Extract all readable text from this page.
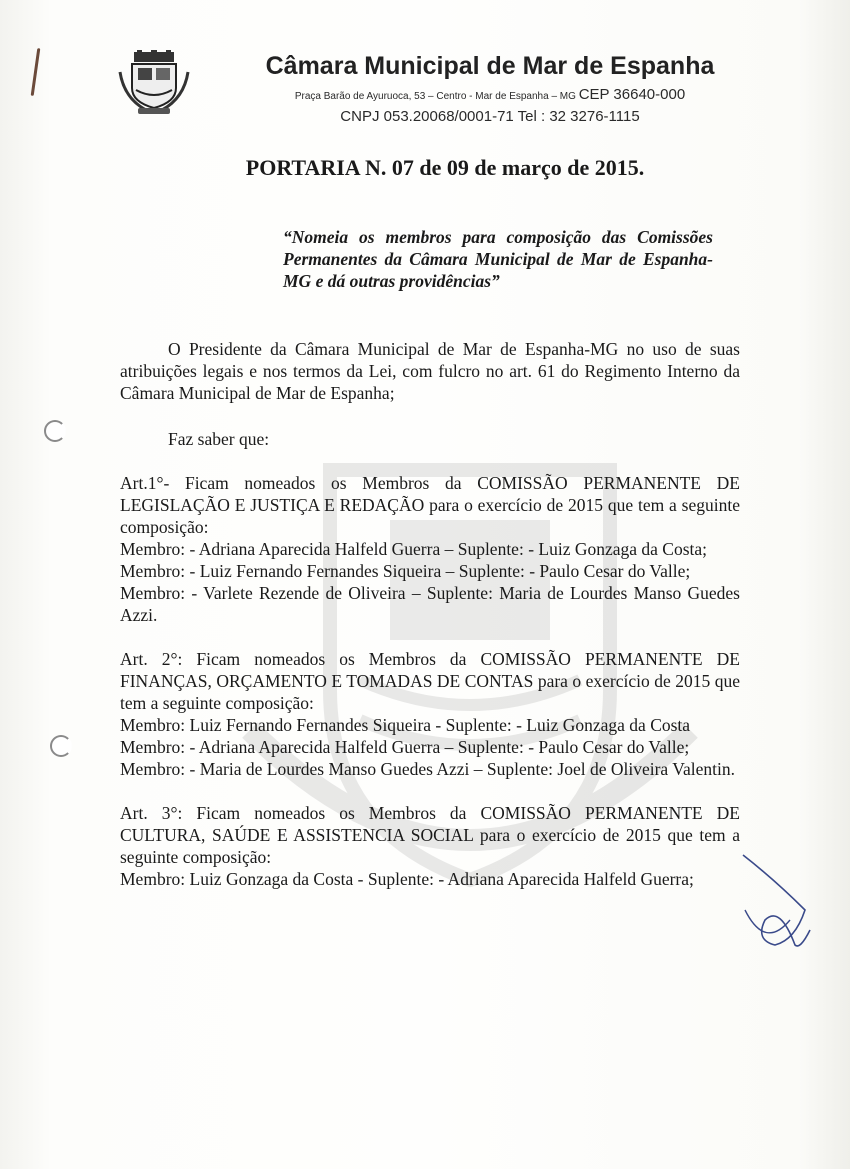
Câmara Municipal de Mar de Espanha
Praça Barão de Ayuruoca, 53 – Centro - Mar de Espanha – MG CEP 36640-000
CNPJ 053.20068/0001-71 Tel : 32 3276-1115
PORTARIA N. 07 de 09 de março de 2015.
“Nomeia os membros para composição das Comissões Permanentes da Câmara Municipal de Mar de Espanha-MG e dá outras providências”
O Presidente da Câmara Municipal de Mar de Espanha-MG no uso de suas atribuições legais e nos termos da Lei, com fulcro no art. 61 do Regimento Interno da Câmara Municipal de Mar de Espanha;
Faz saber que:

Art.1°- Ficam nomeados os Membros da COMISSÃO PERMANENTE DE LEGISLAÇÃO E JUSTIÇA E REDAÇÃO para o exercício de 2015 que tem a seguinte composição:

Membro: - Adriana Aparecida Halfeld Guerra – Suplente: - Luiz Gonzaga da Costa;

Membro: - Luiz Fernando Fernandes Siqueira – Suplente: - Paulo Cesar do Valle;

Membro: - Varlete Rezende de Oliveira – Suplente: Maria de Lourdes Manso Guedes Azzi.

Art. 2°: Ficam nomeados os Membros da COMISSÃO PERMANENTE DE FINANÇAS, ORÇAMENTO E TOMADAS DE CONTAS para o exercício de 2015 que tem a seguinte composição:

Membro: Luiz Fernando Fernandes Siqueira - Suplente: - Luiz Gonzaga da Costa

Membro: - Adriana Aparecida Halfeld Guerra – Suplente: - Paulo Cesar do Valle;

Membro: - Maria de Lourdes Manso Guedes Azzi – Suplente: Joel de Oliveira Valentin.

Art. 3°: Ficam nomeados os Membros da COMISSÃO PERMANENTE DE CULTURA, SAÚDE E ASSISTENCIA SOCIAL para o exercício de 2015 que tem a seguinte composição:

Membro: Luiz Gonzaga da Costa - Suplente: - Adriana Aparecida Halfeld Guerra;
